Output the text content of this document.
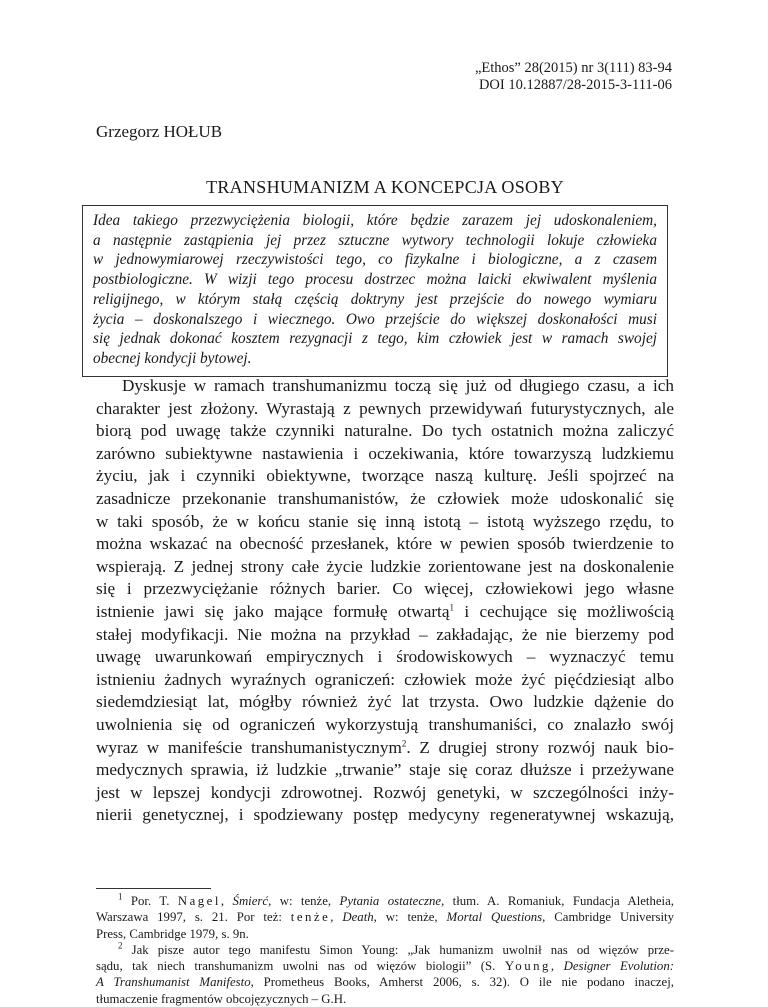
„Ethos” 28(2015) nr 3(111) 83-94
DOI 10.12887/28-2015-3-111-06
Grzegorz HOŁUB
TRANSHUMANIZM A KONCEPCJA OSOBY
Idea takiego przezwyciężenia biologii, które będzie zarazem jej udoskonaleniem,
a następnie zastąpienia jej przez sztuczne wytwory technologii lokuje człowieka
w jednowymiarowej rzeczywistości tego, co fizykalne i biologiczne, a z czasem
postbiologiczne. W wizji tego procesu dostrzec można laicki ekwiwalent myślenia
religijnego, w którym stałą częścią doktryny jest przejście do nowego wymiaru
życia – doskonalszego i wiecznego. Owo przejście do większej doskonałości musi
się jednak dokonać kosztem rezygnacji z tego, kim człowiek jest w ramach swojej
obecnej kondycji bytowej.
Dyskusje w ramach transhumanizmu toczą się już od długiego czasu, a ich
charakter jest złożony. Wyrastają z pewnych przewidywań futurystycznych, ale
biorą pod uwagę także czynniki naturalne. Do tych ostatnich można zaliczyć
zarówno subiektywne nastawienia i oczekiwania, które towarzyszą ludzkiemu
życiu, jak i czynniki obiektywne, tworzące naszą kulturę. Jeśli spojrzeć na
zasadnicze przekonanie transhumanistów, że człowiek może udoskonalić się
w taki sposób, że w końcu stanie się inną istotą – istotą wyższego rzędu, to
można wskazać na obecność przesłanek, które w pewien sposób twierdzenie to
wspierają. Z jednej strony całe życie ludzkie zorientowane jest na doskonalenie
się i przezwyciężanie różnych barier. Co więcej, człowiekowi jego własne
istnienie jawi się jako mające formułę otwartą$^1$ i cechujące się możliwością
stałej modyfikacji. Nie można na przykład – zakładając, że nie bierzemy pod
uwagę uwarunkowań empirycznych i środowiskowych – wyznaczyć temu
istnieniu żadnych wyraźnych ograniczeń: człowiek może żyć pięćdziesiąt albo
siedemdziesiąt lat, mógłby również żyć lat trzysta. Owo ludzkie dążenie do
uwolnienia się od ograniczeń wykorzystują transhumaniści, co znalazło swój
wyraz w manifeście transhumanistycznym$^2$. Z drugiej strony rozwój nauk bio-
medycznych sprawia, iż ludzkie „trwanie” staje się coraz dłuższe i przeżywane
jest w lepszej kondycji zdrowotnej. Rozwój genetyki, w szczególności inży-
nierii genetycznej, i spodziewany postęp medycyny regeneratywnej wskazują,
$^1$ Por. T. Nagel, Śmierć, w: tenże, Pytania ostateczne, tłum. A. Romaniuk, Fundacja Aletheia,
Warszawa 1997, s. 21. Por też: tenże, Death, w: tenże, Mortal Questions, Cambridge University
Press, Cambridge 1979, s. 9n.
$^2$ Jak pisze autor tego manifestu Simon Young: „Jak humanizm uwolnił nas od więzów prze-
sądu, tak niech transhumanizm uwolni nas od więzów biologii” (S. Young, Designer Evolution:
A Transhumanist Manifesto, Prometheus Books, Amherst 2006, s. 32). O ile nie podano inaczej,
tłumaczenie fragmentów obcojęzycznych – G.H.
